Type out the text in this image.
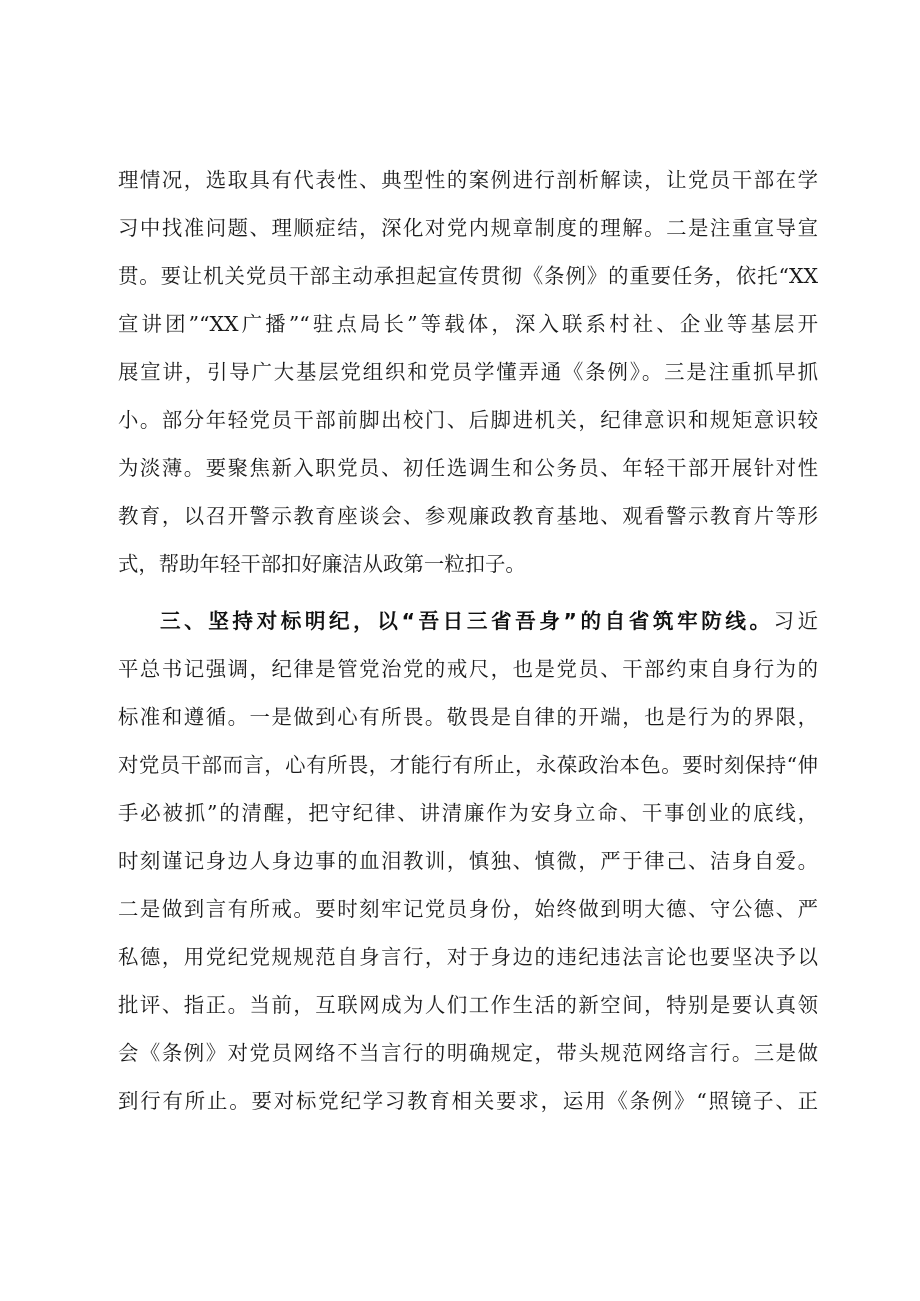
理情况，选取具有代表性、典型性的案例进行剖析解读，让党员干部在学
习中找准问题、理顺症结，深化对党内规章制度的理解。二是注重宣导宣
贯。要让机关党员干部主动承担起宣传贯彻《条例》的重要任务，依托“XX
宣讲团”“XX广播”“驻点局长”等载体，深入联系村社、企业等基层开
展宣讲，引导广大基层党组织和党员学懂弄通《条例》。三是注重抓早抓
小。部分年轻党员干部前脚出校门、后脚进机关，纪律意识和规矩意识较
为淡薄。要聚焦新入职党员、初任选调生和公务员、年轻干部开展针对性
教育，以召开警示教育座谈会、参观廉政教育基地、观看警示教育片等形
式，帮助年轻干部扣好廉洁从政第一粒扣子。
三、坚持对标明纪，以“吾日三省吾身”的自省筑牢防线。习近
平总书记强调，纪律是管党治党的戒尺，也是党员、干部约束自身行为的
标准和遵循。一是做到心有所畏。敬畏是自律的开端，也是行为的界限，
对党员干部而言，心有所畏，才能行有所止，永葆政治本色。要时刻保持“伸
手必被抓”的清醒，把守纪律、讲清廉作为安身立命、干事创业的底线，
时刻谨记身边人身边事的血泪教训，慎独、慎微，严于律己、洁身自爱。
二是做到言有所戒。要时刻牢记党员身份，始终做到明大德、守公德、严
私德，用党纪党规规范自身言行，对于身边的违纪违法言论也要坚决予以
批评、指正。当前，互联网成为人们工作生活的新空间，特别是要认真领
会《条例》对党员网络不当言行的明确规定，带头规范网络言行。三是做
到行有所止。要对标党纪学习教育相关要求，运用《条例》“照镜子、正
